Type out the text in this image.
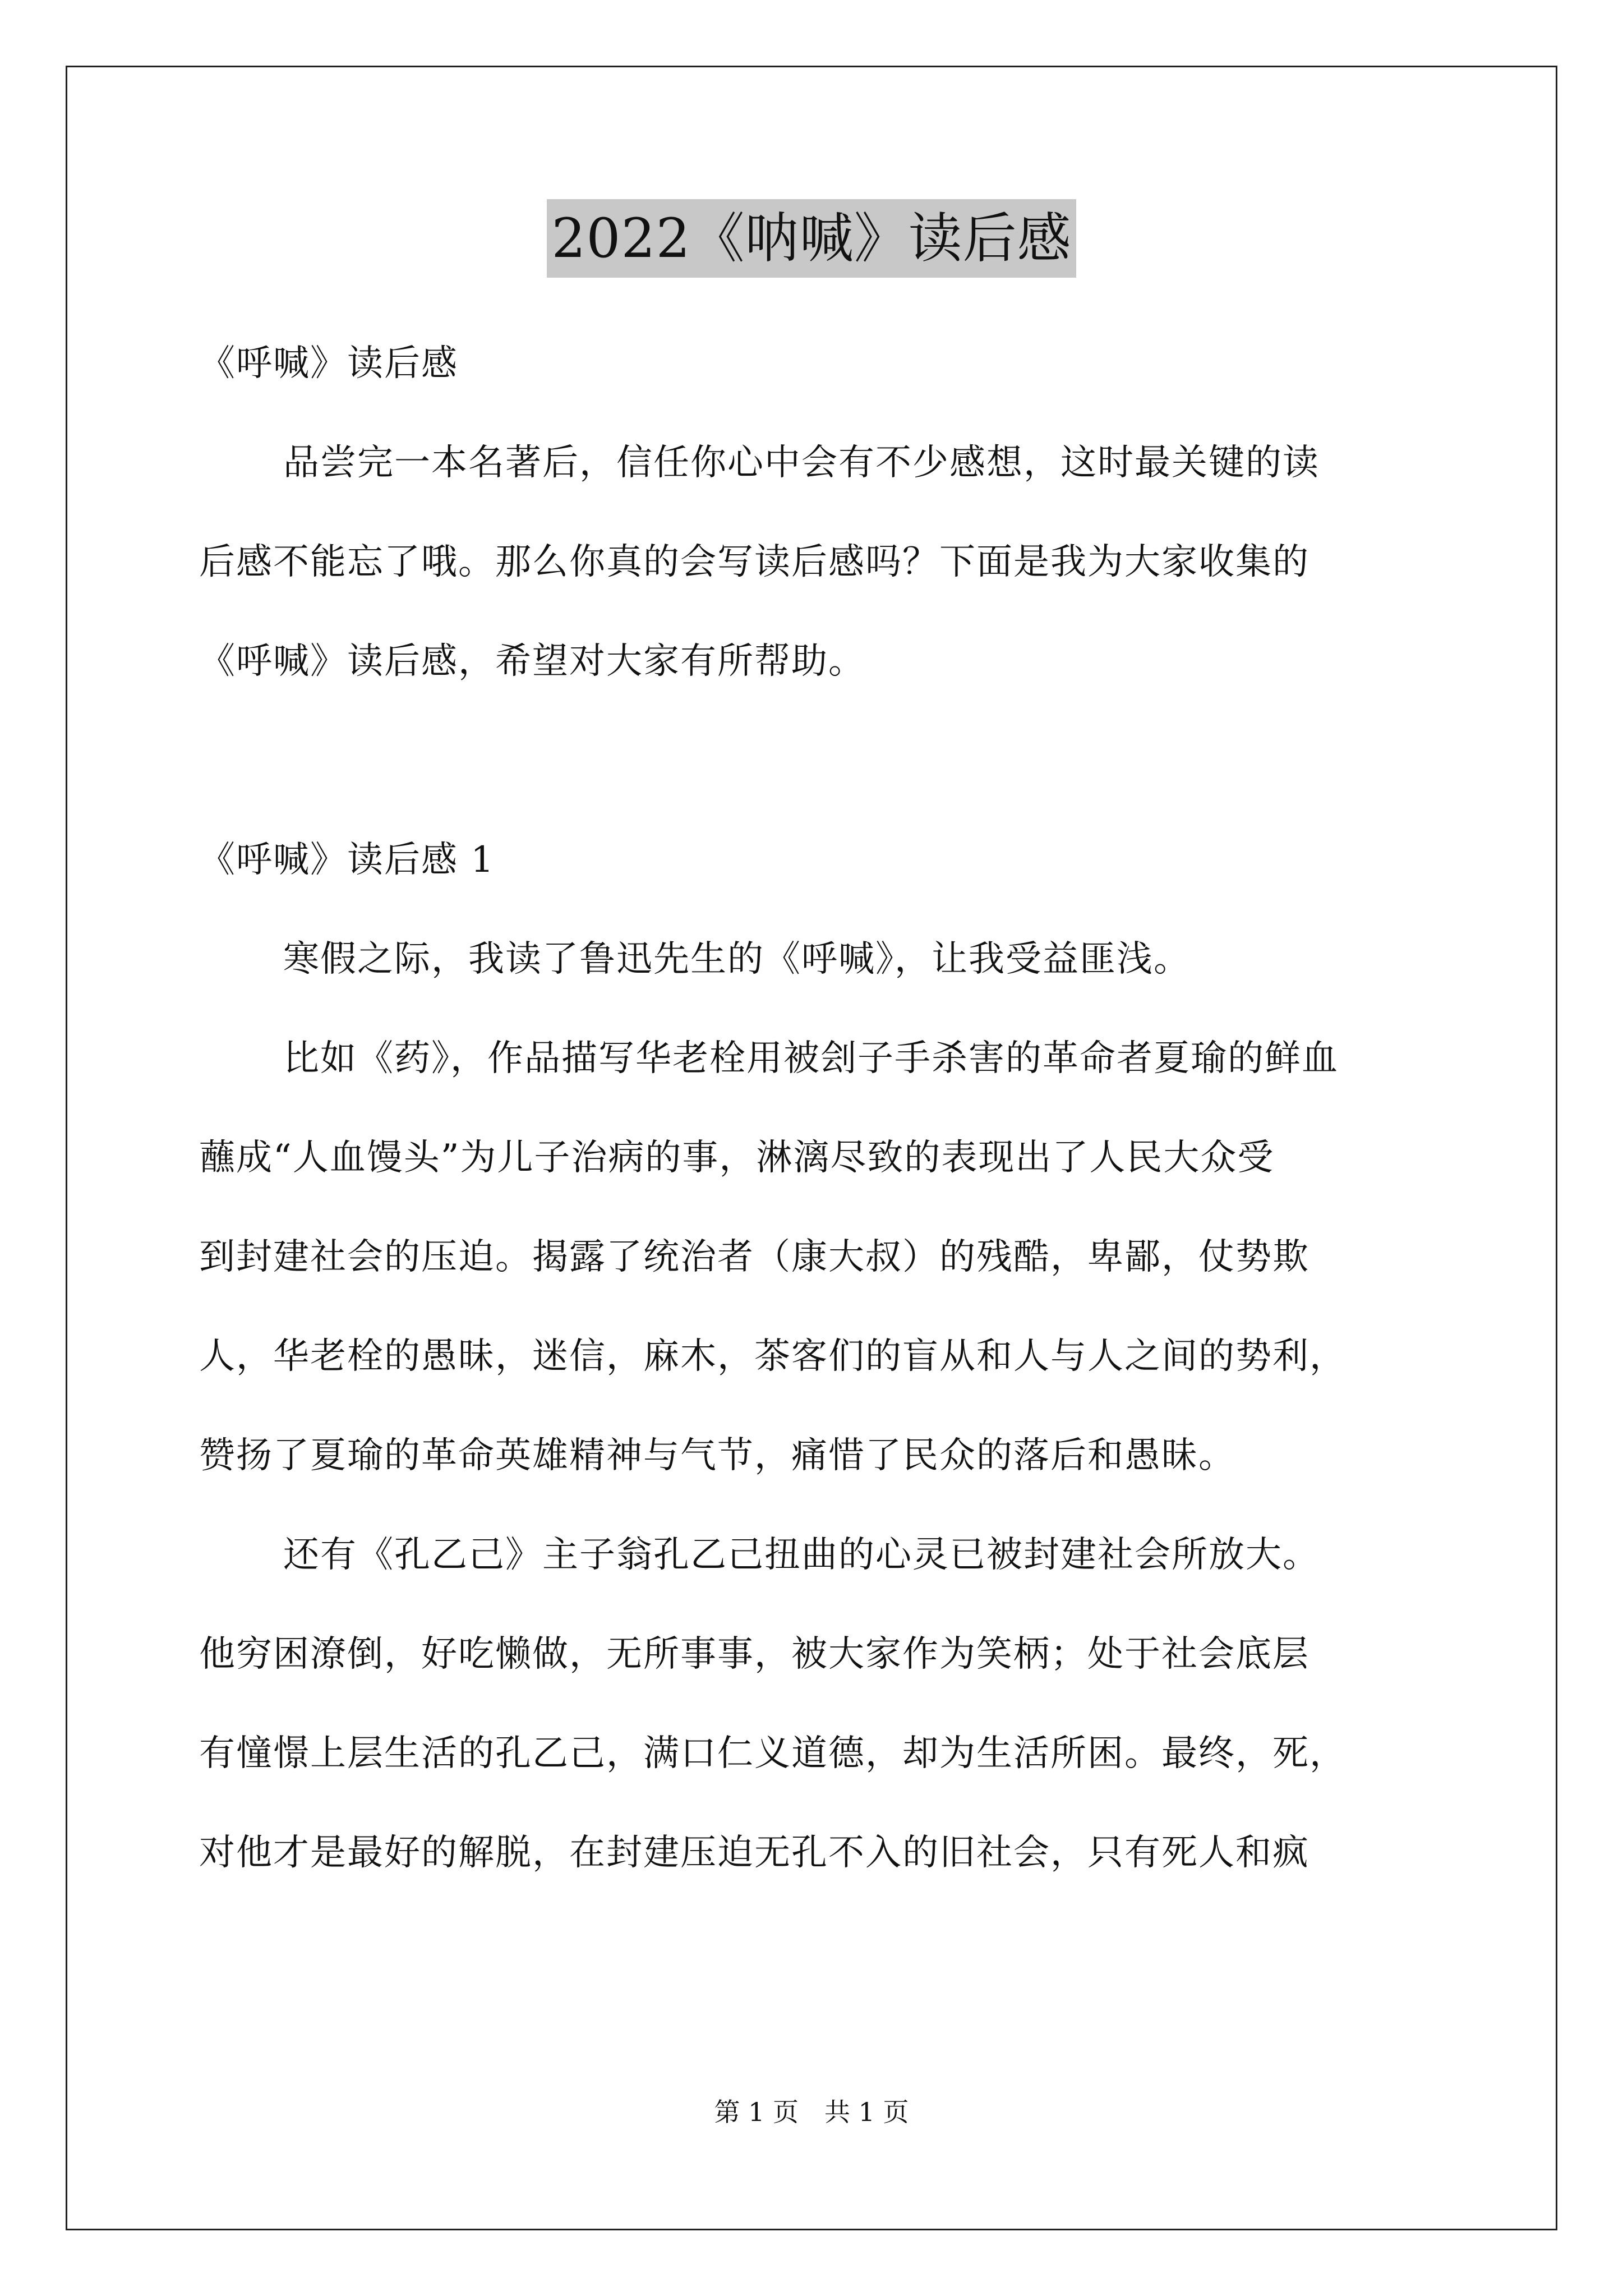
2022《呐喊》读后感
《呼喊》读后感
品尝完一本名著后，信任你心中会有不少感想，这时最关键的读
后感不能忘了哦。那么你真的会写读后感吗？下面是我为大家收集的
《呼喊》读后感，希望对大家有所帮助。
《呼喊》读后感 1
寒假之际，我读了鲁迅先生的《呼喊》，让我受益匪浅。
比如《药》，作品描写华老栓用被刽子手杀害的革命者夏瑜的鲜血
蘸成“人血馒头”为儿子治病的事，淋漓尽致的表现出了人民大众受
到封建社会的压迫。揭露了统治者（康大叔）的残酷，卑鄙，仗势欺
人，华老栓的愚昧，迷信，麻木，茶客们的盲从和人与人之间的势利，
赞扬了夏瑜的革命英雄精神与气节，痛惜了民众的落后和愚昧。
还有《孔乙己》主子翁孔乙己扭曲的心灵已被封建社会所放大。
他穷困潦倒，好吃懒做，无所事事，被大家作为笑柄；处于社会底层
有憧憬上层生活的孔乙己，满口仁义道德，却为生活所困。最终，死，
对他才是最好的解脱，在封建压迫无孔不入的旧社会，只有死人和疯
第 1 页　共 1 页
